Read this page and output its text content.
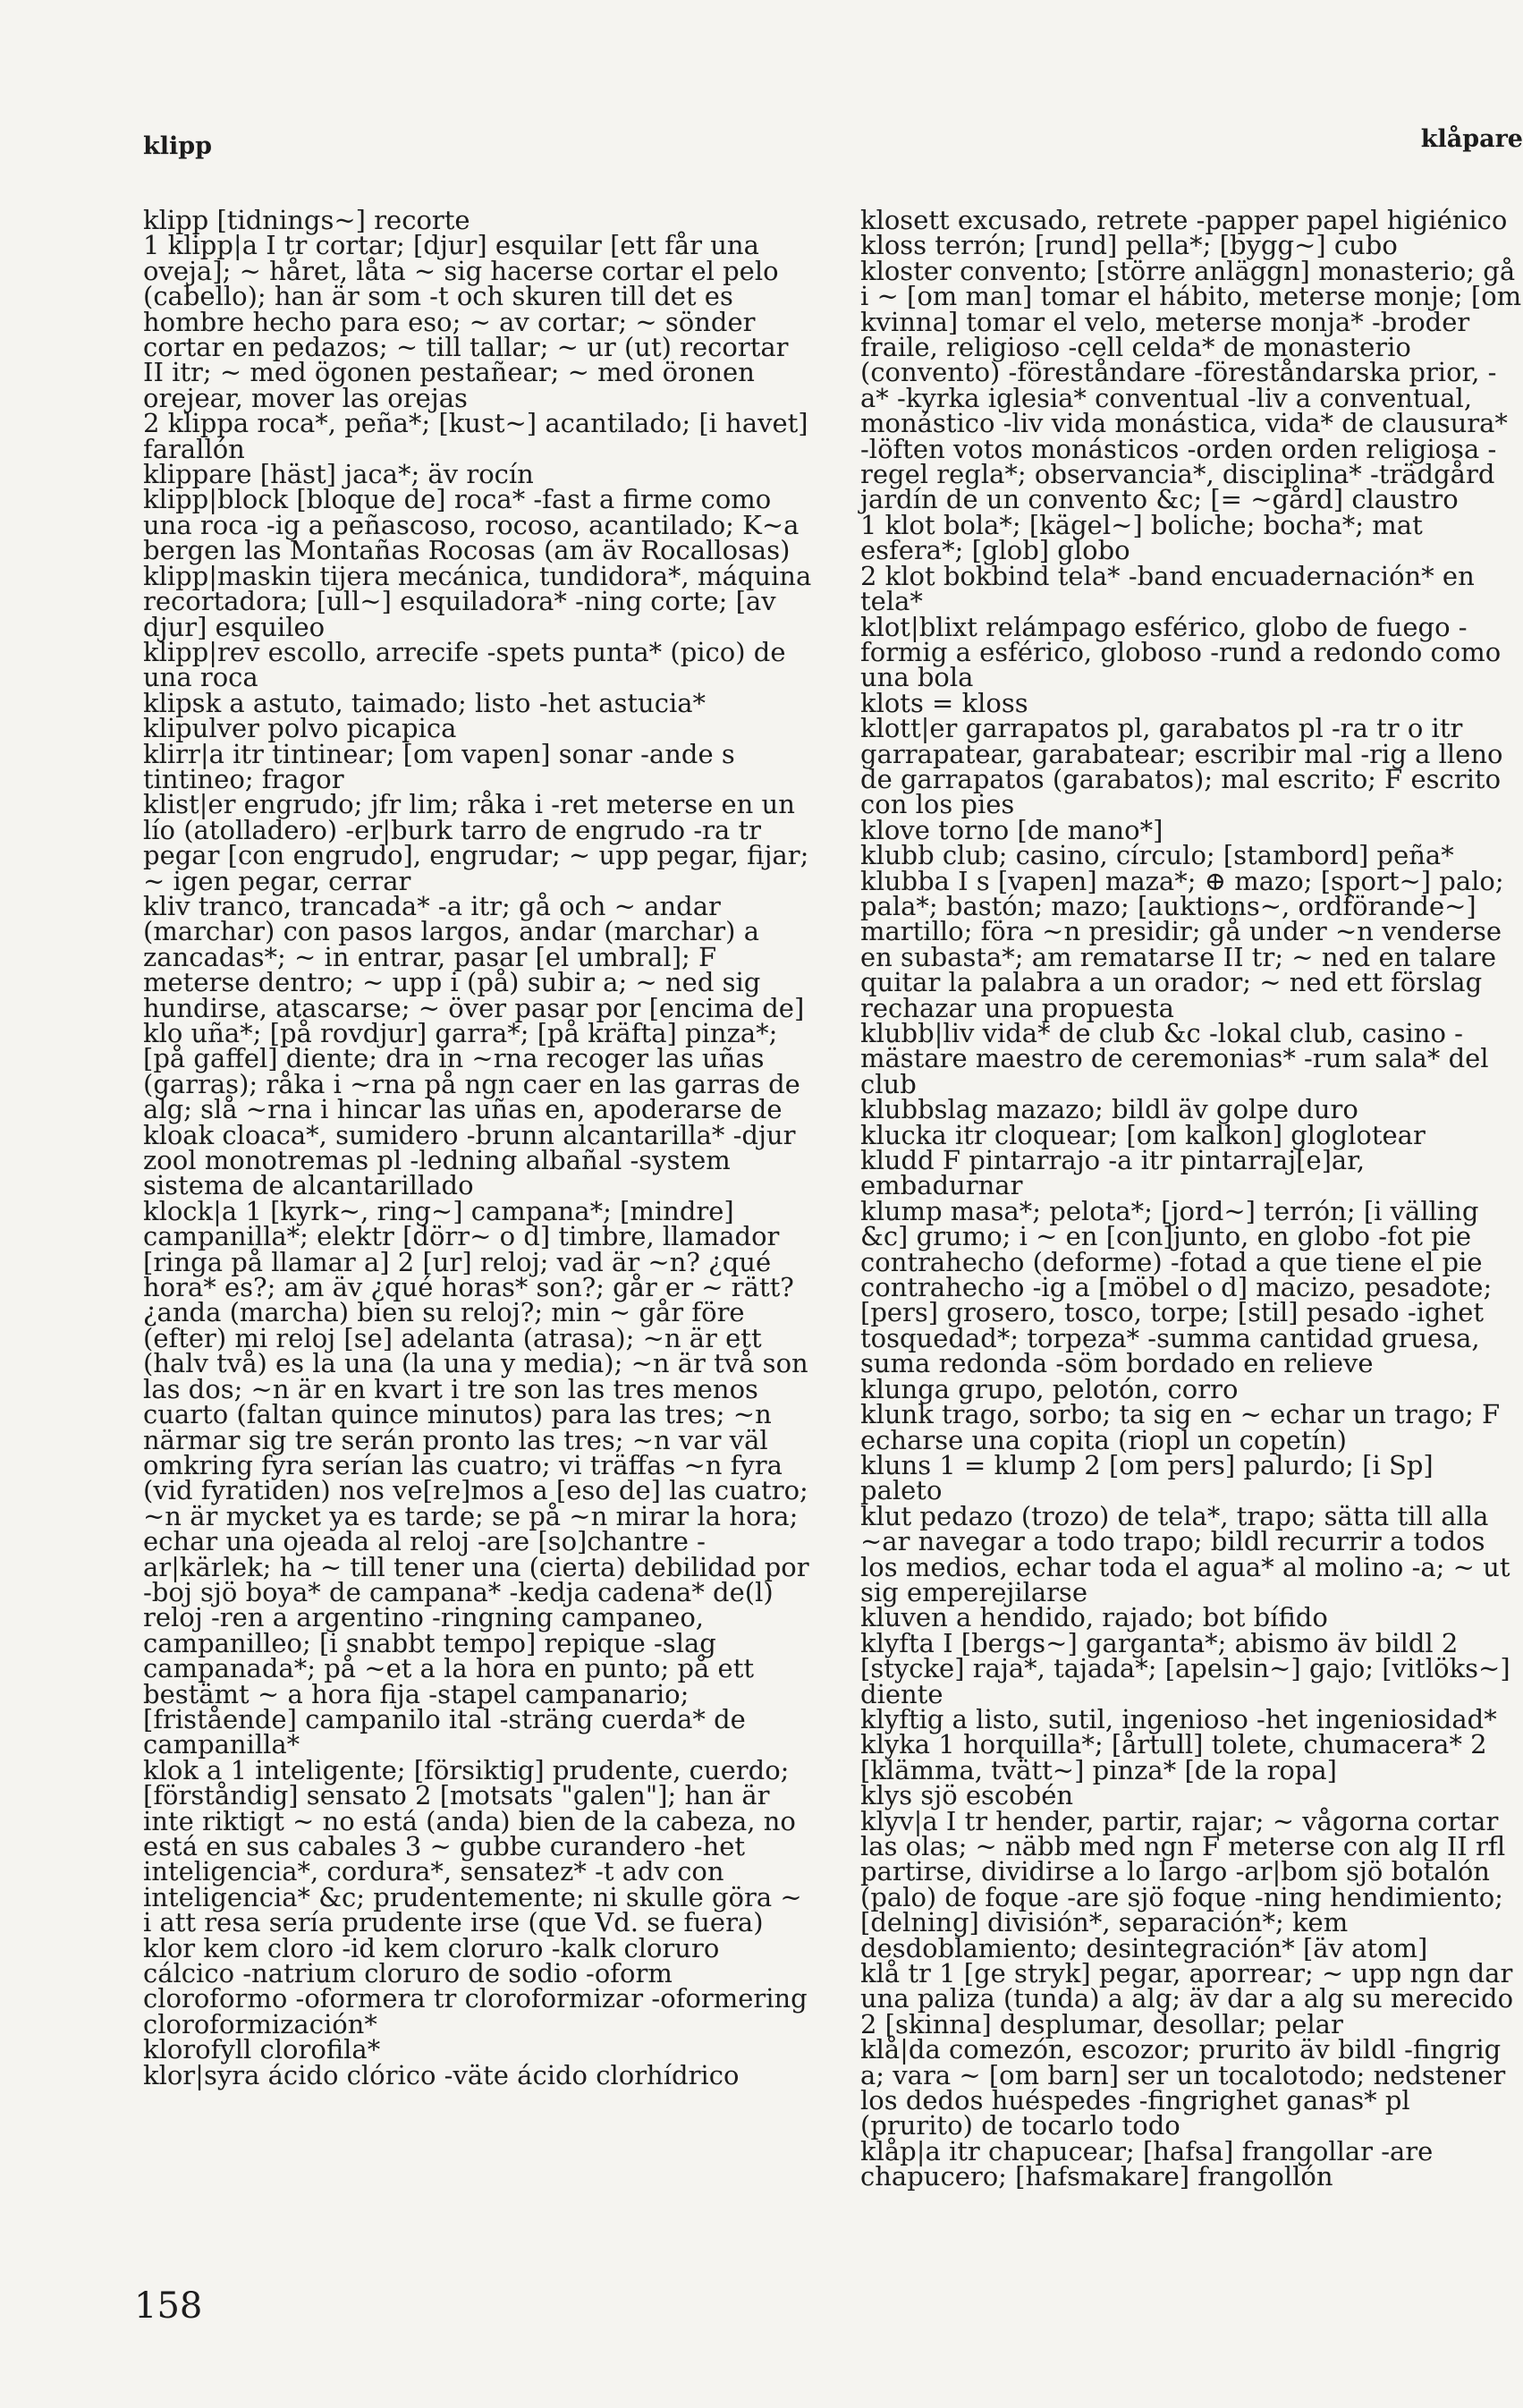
klipp	klåpare

klipp [tidnings~] recorte

1 klipp|a I tr cortar; [djur] esquilar [ett får una oveja]; ~ håret, låta ~ sig hacerse cortar el pelo (cabello); han är som -t och skuren till det es hombre hecho para eso; ~ av cortar; ~ sönder cortar en pedazos; ~ till tallar; ~ ur (ut) recortar II itr; ~ med ögonen pestañear; ~ med öronen orejear, mover las orejas

2 klippa roca*, peña*; [kust~] acantilado; [i havet] farallón

klippare [häst] jaca*; äv rocín

klipp|block [bloque de] roca* -fast a firme como una roca -ig a peñascoso, rocoso, acantilado; K~a bergen las Montañas Rocosas (am äv Rocallosas)

klipp|maskin tijera mecánica, tundidora*, máquina recortadora; [ull~] esquiladora* -ning corte; [av djur] esquileo

klipp|rev escollo, arrecife -spets punta* (pico) de una roca

klipsk a astuto, taimado; listo -het astucia*

klipulver polvo picapica

klirr|a itr tintinear; [om vapen] sonar -ande s tintineo; fragor

klist|er engrudo; jfr lim; råka i -ret meterse en un lío (atolladero) -er|burk tarro de engrudo -ra tr pegar [con engrudo], engrudar; ~ upp pegar, fijar; ~ igen pegar, cerrar

kliv tranco, trancada* -a itr; gå och ~ andar (marchar) con pasos largos, andar (marchar) a zancadas*; ~ in entrar, pasar [el umbral]; F meterse dentro; ~ upp i (på) subir a; ~ ned sig hundirse, atascarse; ~ över pasar por [encima de]

klo uña*; [på rovdjur] garra*; [på kräfta] pinza*; [på gaffel] diente; dra in ~rna recoger las uñas (garras); råka i ~rna på ngn caer en las garras de alg; slå ~rna i hincar las uñas en, apoderarse de

kloak cloaca*, sumidero -brunn alcantarilla* -djur zool monotremas pl -ledning albañal -system sistema de alcantarillado

klock|a 1 [kyrk~, ring~] campana*; [mindre] campanilla*; elektr [dörr~ o d] timbre, llamador [ringa på llamar a] 2 [ur] reloj; vad är ~n? ¿qué hora* es?; am äv ¿qué horas* son?; går er ~ rätt? ¿anda (marcha) bien su reloj?; min ~ går före (efter) mi reloj [se] adelanta (atrasa); ~n är ett (halv två) es la una (la una y media); ~n är två son las dos; ~n är en kvart i tre son las tres menos cuarto (faltan quince minutos) para las tres; ~n närmar sig tre serán pronto las tres; ~n var väl omkring fyra serían las cuatro; vi träffas ~n fyra (vid fyratiden) nos ve[re]mos a [eso de] las cuatro; ~n är mycket ya es tarde; se på ~n mirar la hora; echar una ojeada al reloj -are [so]chantre -ar|kärlek; ha ~ till tener una (cierta) debilidad por -boj sjö boya* de campana* -kedja cadena* de(l) reloj -ren a argentino -ringning campaneo, campanilleo; [i snabbt tempo] repique -slag campanada*; på ~et a la hora en punto; på ett bestämt ~ a hora fija -stapel campanario; [fristående] campanilo ital -sträng cuerda* de campanilla*

klok a 1 inteligente; [försiktig] prudente, cuerdo; [förståndig] sensato 2 [motsats "galen"]; han är inte riktigt ~ no está (anda) bien de la cabeza, no está en sus cabales 3 ~ gubbe curandero -het inteligencia*, cordura*, sensatez* -t adv con inteligencia* &c; prudentemente; ni skulle göra ~ i att resa sería prudente irse (que Vd. se fuera)

klor kem cloro -id kem cloruro -kalk cloruro cálcico -natrium cloruro de sodio -oform cloroformo -oformera tr cloroformizar -oformering cloroformización*

klorofyll clorofila*

klor|syra ácido clórico -väte ácido clorhídrico

klosett excusado, retrete -papper papel higiénico

kloss terrón; [rund] pella*; [bygg~] cubo

kloster convento; [större anläggn] monasterio; gå i ~ [om man] tomar el hábito, meterse monje; [om kvinna] tomar el velo, meterse monja* -broder fraile, religioso -cell celda* de monasterio (convento) -föreståndare -föreståndarska prior, -a* -kyrka iglesia* conventual -liv a conventual, monástico -liv vida monástica, vida* de clausura* -löften votos monásticos -orden orden religiosa -regel regla*; observancia*, disciplina* -trädgård jardín de un convento &c; [= ~gård] claustro

1 klot bola*; [kägel~] boliche; bocha*; mat esfera*; [glob] globo

2 klot bokbind tela* -band encuadernación* en tela*

klot|blixt relámpago esférico, globo de fuego -formig a esférico, globoso -rund a redondo como una bola

klots = kloss

klott|er garrapatos pl, garabatos pl -ra tr o itr garrapatear, garabatear; escribir mal -rig a lleno de garrapatos (garabatos); mal escrito; F escrito con los pies

klove torno [de mano*]

klubb club; casino, círculo; [stambord] peña*

klubba I s [vapen] maza*; ⊕ mazo; [sport~] palo; pala*; bastón; mazo; [auktions~, ordförande~] martillo; föra ~n presidir; gå under ~n venderse en subasta*; am rematarse II tr; ~ ned en talare quitar la palabra a un orador; ~ ned ett förslag rechazar una propuesta

klubb|liv vida* de club &c -lokal club, casino -mästare maestro de ceremonias* -rum sala* del club

klubbslag mazazo; bildl äv golpe duro

klucka itr cloquear; [om kalkon] gloglotear

kludd F pintarrajo -a itr pintarraj[e]ar, embadurnar

klump masa*; pelota*; [jord~] terrón; [i välling &c] grumo; i ~ en [con]junto, en globo -fot pie contrahecho (deforme) -fotad a que tiene el pie contrahecho -ig a [möbel o d] macizo, pesadote; [pers] grosero, tosco, torpe; [stil] pesado -ighet tosquedad*; torpeza* -summa cantidad gruesa, suma redonda -söm bordado en relieve

klunga grupo, pelotón, corro

klunk trago, sorbo; ta sig en ~ echar un trago; F echarse una copita (riopl un copetín)

kluns 1 = klump 2 [om pers] palurdo; [i Sp] paleto

klut pedazo (trozo) de tela*, trapo; sätta till alla ~ar navegar a todo trapo; bildl recurrir a todos los medios, echar toda el agua* al molino -a; ~ ut sig emperejilarse

kluven a hendido, rajado; bot bífido

klyfta I [bergs~] garganta*; abismo äv bildl 2 [stycke] raja*, tajada*; [apelsin~] gajo; [vitlöks~] diente

klyftig a listo, sutil, ingenioso -het ingeniosidad*

klyka 1 horquilla*; [årtull] tolete, chumacera* 2 [klämma, tvätt~] pinza* [de la ropa]

klys sjö escobén

klyv|a I tr hender, partir, rajar; ~ vågorna cortar las olas; ~ näbb med ngn F meterse con alg II rfl partirse, dividirse a lo largo -ar|bom sjö botalón (palo) de foque -are sjö foque -ning hendimiento; [delning] división*, separación*; kem desdoblamiento; desintegración* [äv atom]

klå tr 1 [ge stryk] pegar, aporrear; ~ upp ngn dar una paliza (tunda) a alg; äv dar a alg su merecido 2 [skinna] desplumar, desollar; pelar

klå|da comezón, escozor; prurito äv bildl -fingrig a; vara ~ [om barn] ser un tocalotodo; nedstener los dedos huéspedes -fingrighet ganas* pl (prurito) de tocarlo todo

klåp|a itr chapucear; [hafsa] frangollar -are chapucero; [hafsmakare] frangollón

158
